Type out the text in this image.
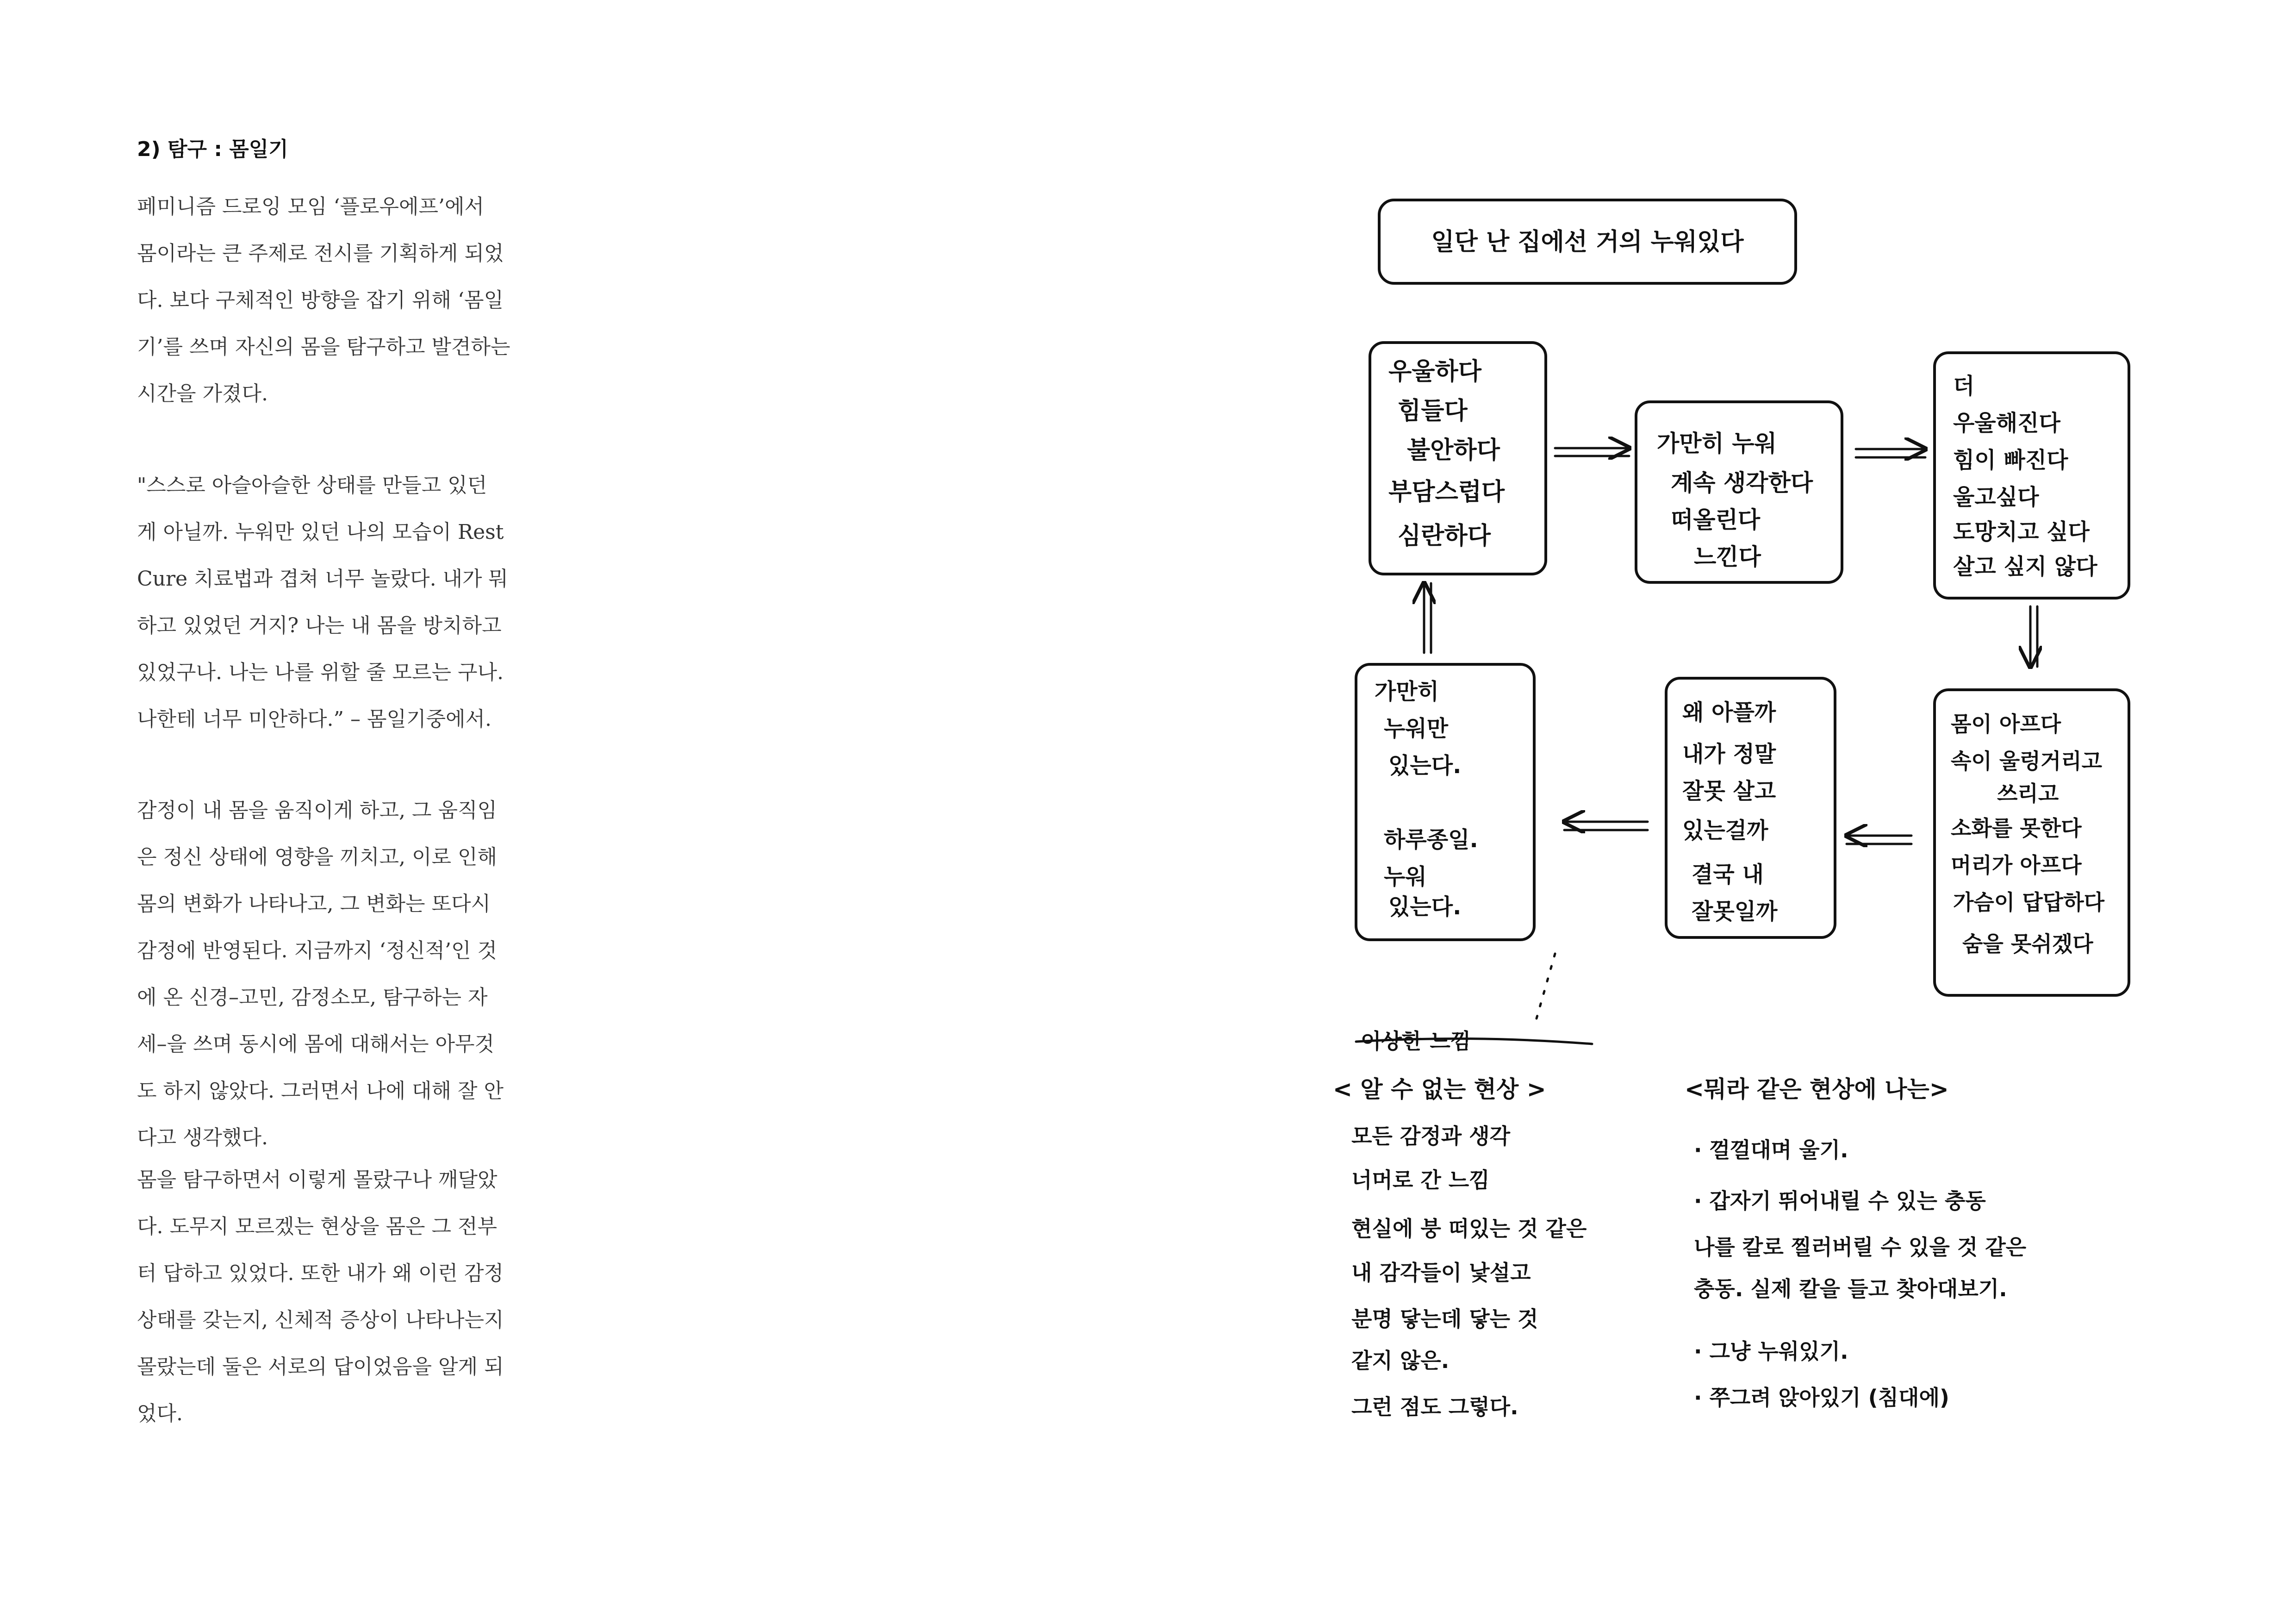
2) 탐구 : 몸일기
페미니즘 드로잉 모임 ‘플로우에프’에서
몸이라는 큰 주제로 전시를 기획하게 되었
다. 보다 구체적인 방향을 잡기 위해 ‘몸일
기’를 쓰며 자신의 몸을 탐구하고 발견하는
시간을 가졌다.
"스스로 아슬아슬한 상태를 만들고 있던
게 아닐까. 누워만 있던 나의 모습이 Rest
Cure 치료법과 겹쳐 너무 놀랐다. 내가 뭐
하고 있었던 거지? 나는 내 몸을 방치하고
있었구나. 나는 나를 위할 줄 모르는 구나.
나한테 너무 미안하다.” – 몸일기중에서.
감정이 내 몸을 움직이게 하고, 그 움직임
은 정신 상태에 영향을 끼치고, 이로 인해
몸의 변화가 나타나고, 그 변화는 또다시
감정에 반영된다. 지금까지 ‘정신적’인 것
에 온 신경–고민, 감정소모, 탐구하는 자
세–을 쓰며 동시에 몸에 대해서는 아무것
도 하지 않았다. 그러면서 나에 대해 잘 안
다고 생각했다.
몸을 탐구하면서 이렇게 몰랐구나 깨달았
다. 도무지 모르겠는 현상을 몸은 그 전부
터 답하고 있었다. 또한 내가 왜 이런 감정
상태를 갖는지, 신체적 증상이 나타나는지
몰랐는데 둘은 서로의 답이었음을 알게 되
었다.
일단 난 집에선 거의 누워있다
우울하다
힘들다
불안하다
부담스럽다
심란하다
가만히 누워
계속 생각한다
떠올린다
느낀다
더
우울해진다
힘이 빠진다
울고싶다
도망치고 싶다
살고 싶지 않다
몸이 아프다
속이 울렁거리고
쓰리고
소화를 못한다
머리가 아프다
가슴이 답답하다
숨을 못쉬겠다
왜 아플까
내가 정말
잘못 살고
있는걸까
결국 내
잘못일까
가만히
누워만
있는다.
하루종일.
누워
있는다.
이상한 느낌
< 알 수 없는 현상 >
모든 감정과 생각
너머로 간 느낌
현실에 붕 떠있는 것 같은
내 감각들이 낯설고
분명 닿는데 닿는 것
같지 않은.
그런 점도 그렇다.
<뭐라 같은 현상에 나는>
· 껄껄대며 울기.
· 갑자기 뛰어내릴 수 있는 충동
나를 칼로 찔러버릴 수 있을 것 같은
충동. 실제 칼을 들고 찾아대보기.
· 그냥 누워있기.
· 쭈그려 앉아있기 (침대에)
